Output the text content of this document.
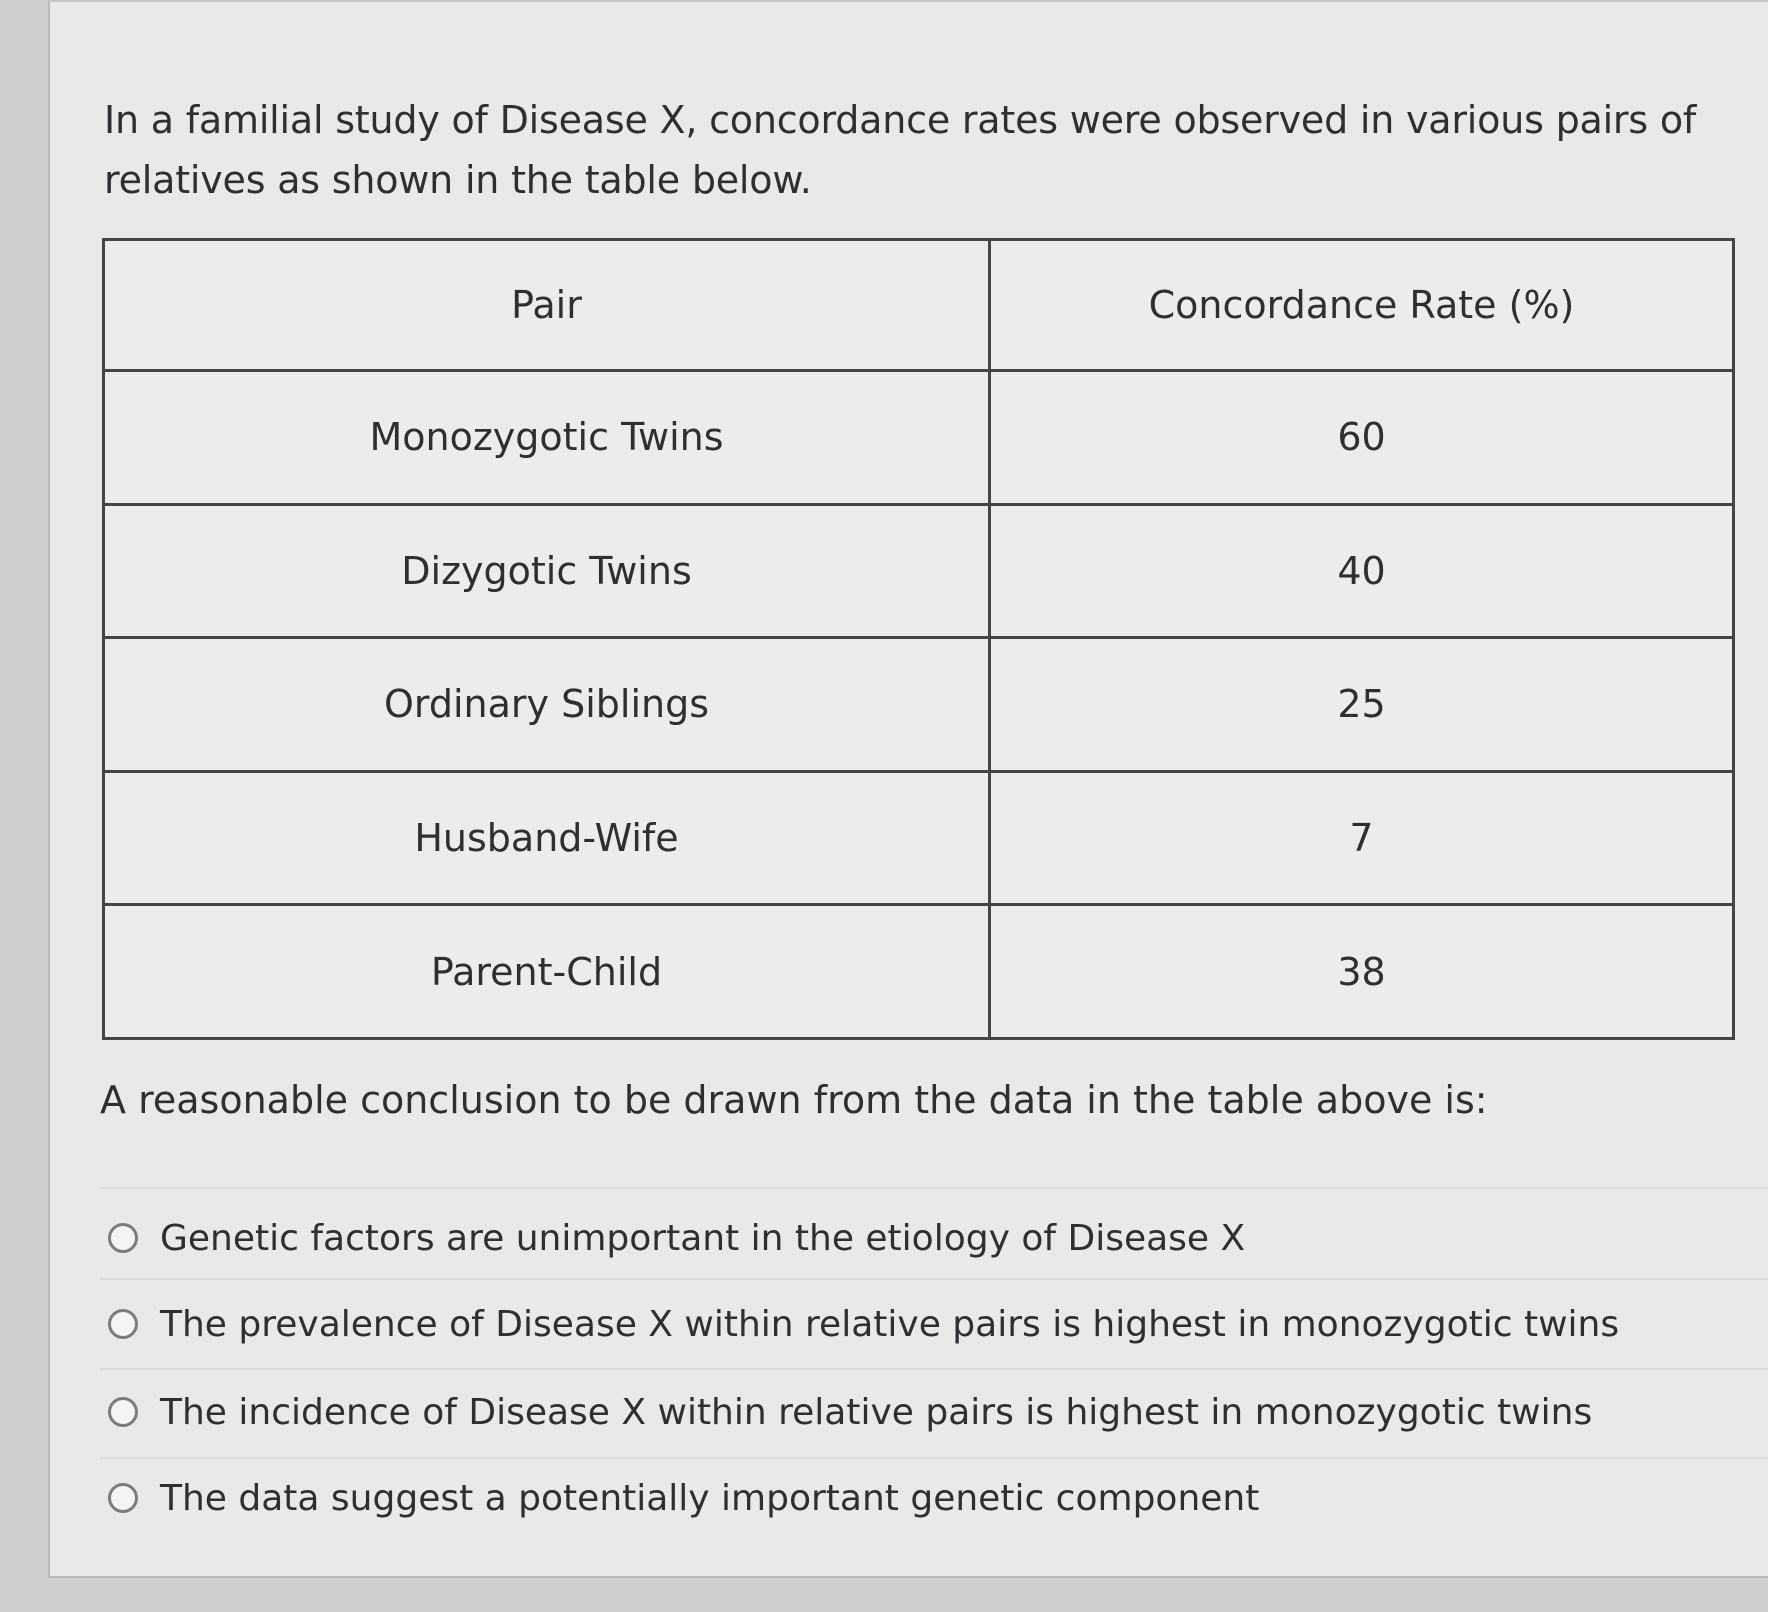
In a familial study of Disease X, concordance rates were observed in various pairs of relatives as shown in the table below.
Pair	Concordance Rate (%)
Monozygotic Twins	60
Dizygotic Twins	40
Ordinary Siblings	25
Husband-Wife	7
Parent-Child	38
A reasonable conclusion to be drawn from the data in the table above is:
Genetic factors are unimportant in the etiology of Disease X
The prevalence of Disease X within relative pairs is highest in monozygotic twins
The incidence of Disease X within relative pairs is highest in monozygotic twins
The data suggest a potentially important genetic component
